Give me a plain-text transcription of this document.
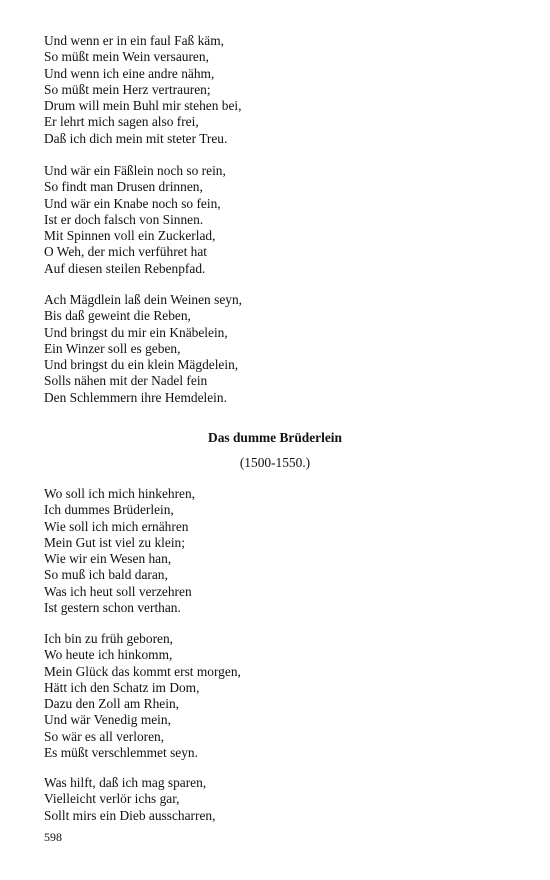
Und wenn er in ein faul Faß käm,
So müßt mein Wein versauren,
Und wenn ich eine andre nähm,
So müßt mein Herz vertrauren;
Drum will mein Buhl mir stehen bei,
Er lehrt mich sagen also frei,
Daß ich dich mein mit steter Treu.
Und wär ein Fäßlein noch so rein,
So findt man Drusen drinnen,
Und wär ein Knabe noch so fein,
Ist er doch falsch von Sinnen.
Mit Spinnen voll ein Zuckerlad,
O Weh, der mich verführet hat
Auf diesen steilen Rebenpfad.
Ach Mägdlein laß dein Weinen seyn,
Bis daß geweint die Reben,
Und bringst du mir ein Knäbelein,
Ein Winzer soll es geben,
Und bringst du ein klein Mägdelein,
Solls nähen mit der Nadel fein
Den Schlemmern ihre Hemdelein.
Das dumme Brüderlein
(1500-1550.)
Wo soll ich mich hinkehren,
Ich dummes Brüderlein,
Wie soll ich mich ernähren
Mein Gut ist viel zu klein;
Wie wir ein Wesen han,
So muß ich bald daran,
Was ich heut soll verzehren
Ist gestern schon verthan.
Ich bin zu früh geboren,
Wo heute ich hinkomm,
Mein Glück das kommt erst morgen,
Hätt ich den Schatz im Dom,
Dazu den Zoll am Rhein,
Und wär Venedig mein,
So wär es all verloren,
Es müßt verschlemmet seyn.
Was hilft, daß ich mag sparen,
Vielleicht verlör ichs gar,
Sollt mirs ein Dieb ausscharren,
598
